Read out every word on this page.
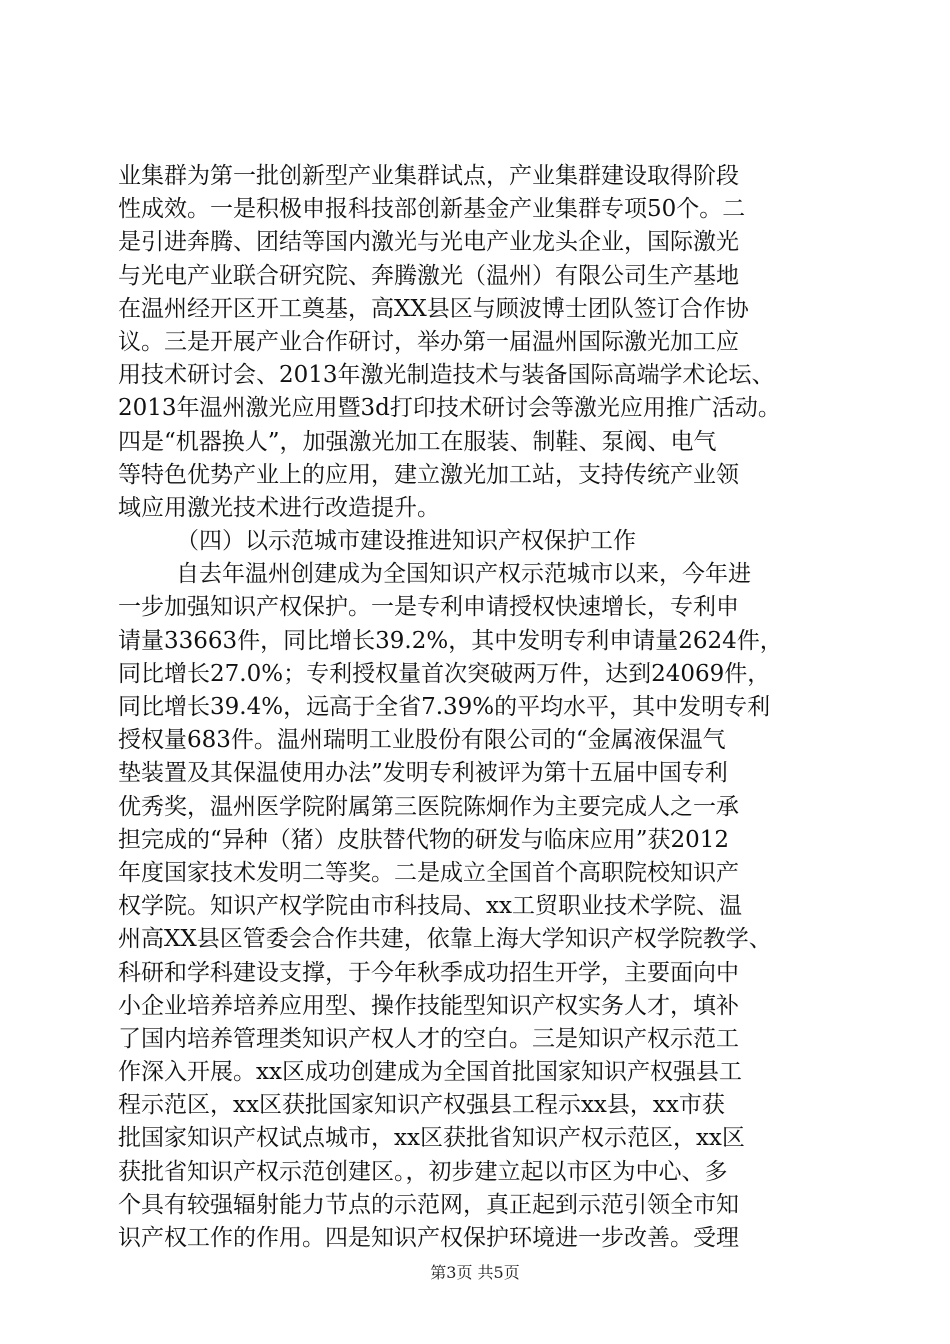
业集群为第一批创新型产业集群试点，产业集群建设取得阶段
性成效。一是积极申报科技部创新基金产业集群专项50个。二
是引进奔腾、团结等国内激光与光电产业龙头企业，国际激光
与光电产业联合研究院、奔腾激光（温州）有限公司生产基地
在温州经开区开工奠基，高XX县区与顾波博士团队签订合作协
议。三是开展产业合作研讨，举办第一届温州国际激光加工应
用技术研讨会、2013年激光制造技术与装备国际高端学术论坛、
2013年温州激光应用暨3d打印技术研讨会等激光应用推广活动。
四是“机器换人”，加强激光加工在服装、制鞋、泵阀、电气
等特色优势产业上的应用，建立激光加工站，支持传统产业领
域应用激光技术进行改造提升。
（四）以示范城市建设推进知识产权保护工作
自去年温州创建成为全国知识产权示范城市以来，今年进
一步加强知识产权保护。一是专利申请授权快速增长，专利申
请量33663件，同比增长39.2%，其中发明专利申请量2624件，
同比增长27.0%；专利授权量首次突破两万件，达到24069件，
同比增长39.4%，远高于全省7.39%的平均水平，其中发明专利
授权量683件。温州瑞明工业股份有限公司的“金属液保温气
垫装置及其保温使用办法”发明专利被评为第十五届中国专利
优秀奖，温州医学院附属第三医院陈炯作为主要完成人之一承
担完成的“异种（猪）皮肤替代物的研发与临床应用”获2012
年度国家技术发明二等奖。二是成立全国首个高职院校知识产
权学院。知识产权学院由市科技局、xx工贸职业技术学院、温
州高XX县区管委会合作共建，依靠上海大学知识产权学院教学、
科研和学科建设支撑，于今年秋季成功招生开学，主要面向中
小企业培养培养应用型、操作技能型知识产权实务人才，填补
了国内培养管理类知识产权人才的空白。三是知识产权示范工
作深入开展。xx区成功创建成为全国首批国家知识产权强县工
程示范区，xx区获批国家知识产权强县工程示xx县，xx市获
批国家知识产权试点城市，xx区获批省知识产权示范区，xx区
获批省知识产权示范创建区。，初步建立起以市区为中心、多
个具有较强辐射能力节点的示范网，真正起到示范引领全市知
识产权工作的作用。四是知识产权保护环境进一步改善。受理
第3页 共5页
